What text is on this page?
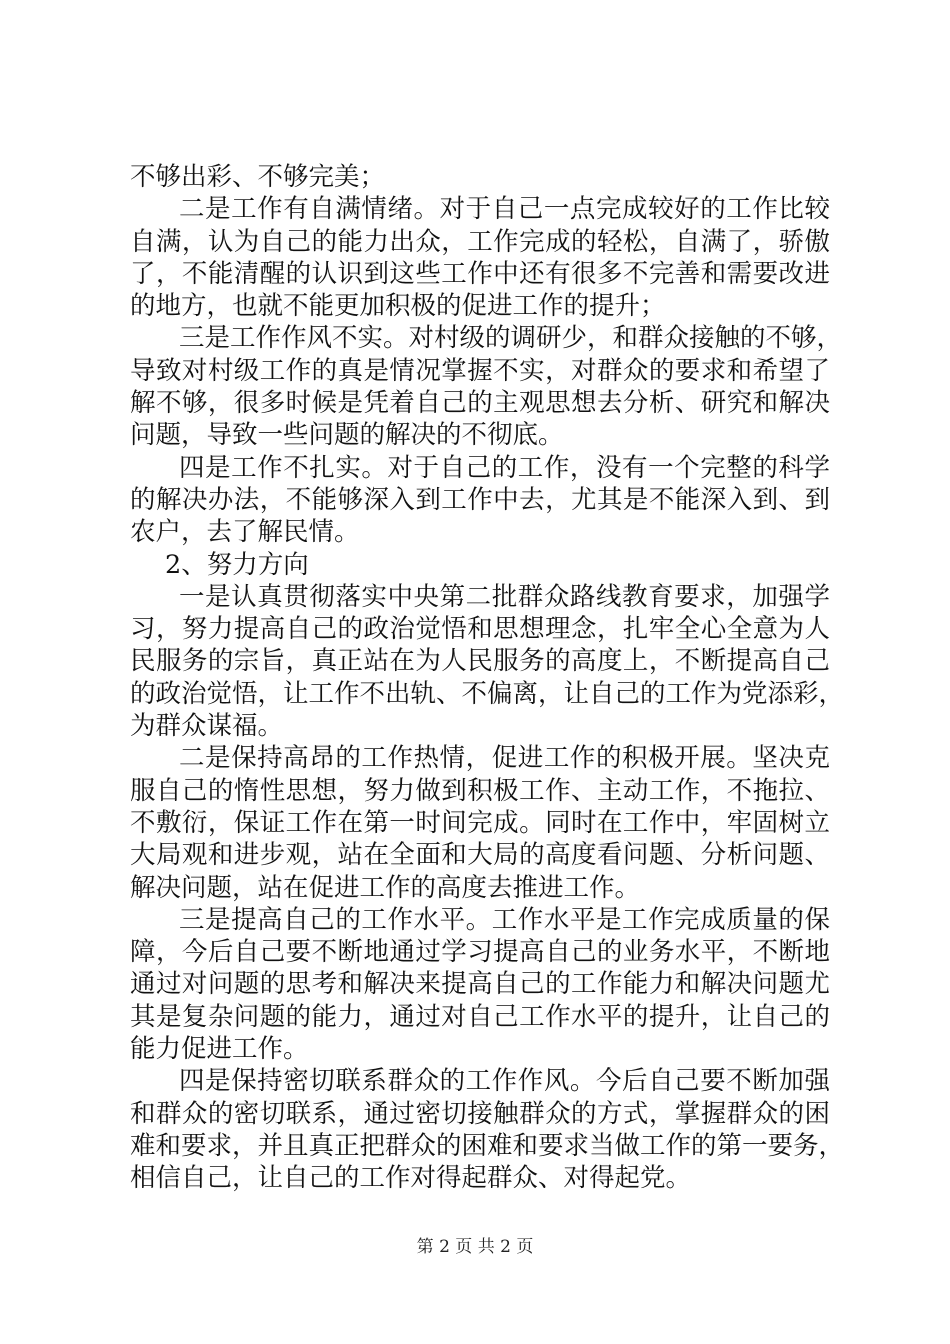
不够出彩、不够完美；
二是工作有自满情绪。对于自己一点完成较好的工作比较
自满，认为自己的能力出众，工作完成的轻松，自满了，骄傲
了，不能清醒的认识到这些工作中还有很多不完善和需要改进
的地方，也就不能更加积极的促进工作的提升；
三是工作作风不实。对村级的调研少，和群众接触的不够，
导致对村级工作的真是情况掌握不实，对群众的要求和希望了
解不够，很多时候是凭着自己的主观思想去分析、研究和解决
问题，导致一些问题的解决的不彻底。
四是工作不扎实。对于自己的工作，没有一个完整的科学
的解决办法，不能够深入到工作中去，尤其是不能深入到、到
农户，去了解民情。
2、努力方向
一是认真贯彻落实中央第二批群众路线教育要求，加强学
习，努力提高自己的政治觉悟和思想理念，扎牢全心全意为人
民服务的宗旨，真正站在为人民服务的高度上，不断提高自己
的政治觉悟，让工作不出轨、不偏离，让自己的工作为党添彩，
为群众谋福。
二是保持高昂的工作热情，促进工作的积极开展。坚决克
服自己的惰性思想，努力做到积极工作、主动工作，不拖拉、
不敷衍，保证工作在第一时间完成。同时在工作中，牢固树立
大局观和进步观，站在全面和大局的高度看问题、分析问题、
解决问题，站在促进工作的高度去推进工作。
三是提高自己的工作水平。工作水平是工作完成质量的保
障，今后自己要不断地通过学习提高自己的业务水平，不断地
通过对问题的思考和解决来提高自己的工作能力和解决问题尤
其是复杂问题的能力，通过对自己工作水平的提升，让自己的
能力促进工作。
四是保持密切联系群众的工作作风。今后自己要不断加强
和群众的密切联系，通过密切接触群众的方式，掌握群众的困
难和要求，并且真正把群众的困难和要求当做工作的第一要务，
相信自己，让自己的工作对得起群众、对得起党。
第 2 页 共 2 页
